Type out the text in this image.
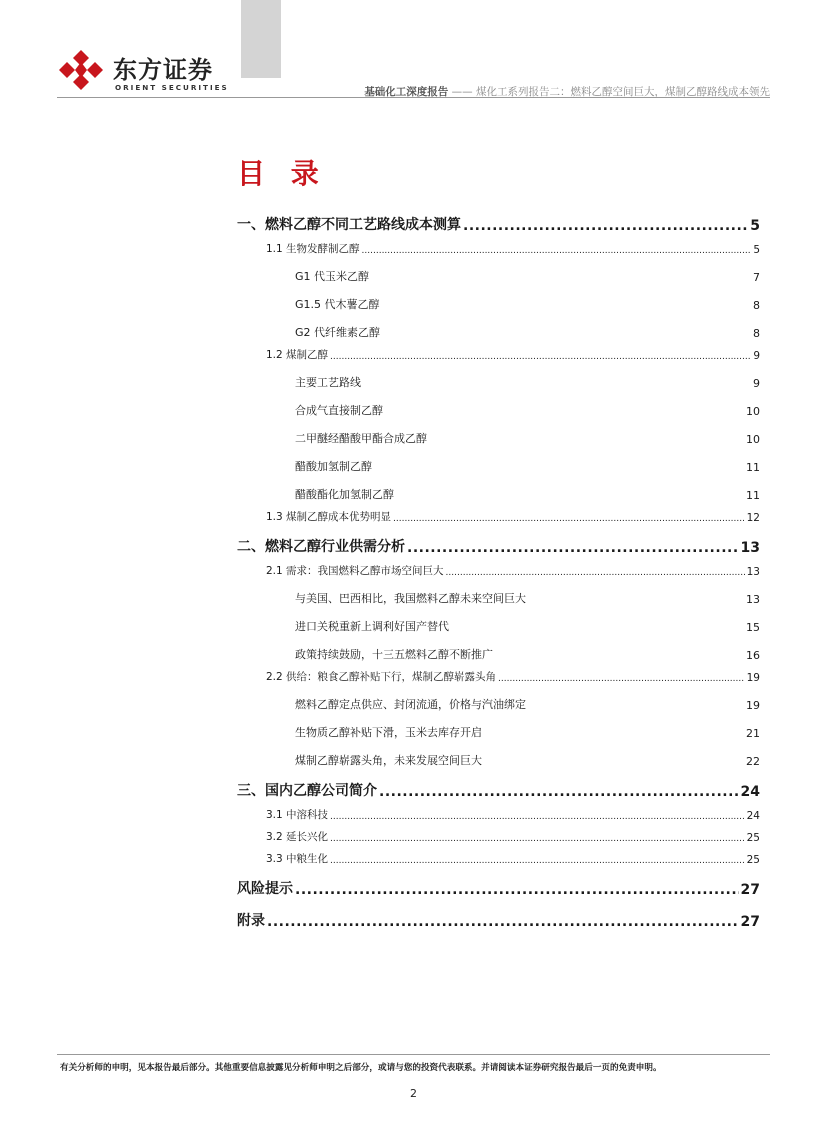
东方证券
ORIENT SECURITIES	基础化工深度报告 —— 煤化工系列报告二：燃料乙醇空间巨大，煤制乙醇路线成本领先
目 录
一、燃料乙醇不同工艺路线成本测算 .....	5
1.1 生物发酵制乙醇 .....	5
G1 代玉米乙醇	7
G1.5 代木薯乙醇	8
G2 代纤维素乙醇	8
1.2 煤制乙醇 .....	9
主要工艺路线	9
合成气直接制乙醇	10
二甲醚经醋酸甲酯合成乙醇	10
醋酸加氢制乙醇	11
醋酸酯化加氢制乙醇	11
1.3 煤制乙醇成本优势明显 .....	12
二、燃料乙醇行业供需分析 .....	13
2.1 需求：我国燃料乙醇市场空间巨大 .....	13
与美国、巴西相比，我国燃料乙醇未来空间巨大	13
进口关税重新上调利好国产替代	15
政策持续鼓励，十三五燃料乙醇不断推广	16
2.2 供给：粮食乙醇补贴下行，煤制乙醇崭露头角 .....	19
燃料乙醇定点供应、封闭流通，价格与汽油绑定	19
生物质乙醇补贴下滑，玉米去库存开启	21
煤制乙醇崭露头角，未来发展空间巨大	22
三、国内乙醇公司简介 .....	24
3.1 中溶科技 .....	24
3.2 延长兴化 .....	25
3.3 中粮生化 .....	25
风险提示 .....	27
附录 .....	27
有关分析师的申明，见本报告最后部分。其他重要信息披露见分析师申明之后部分，或请与您的投资代表联系。并请阅读本证券研究报告最后一页的免责申明。
2
